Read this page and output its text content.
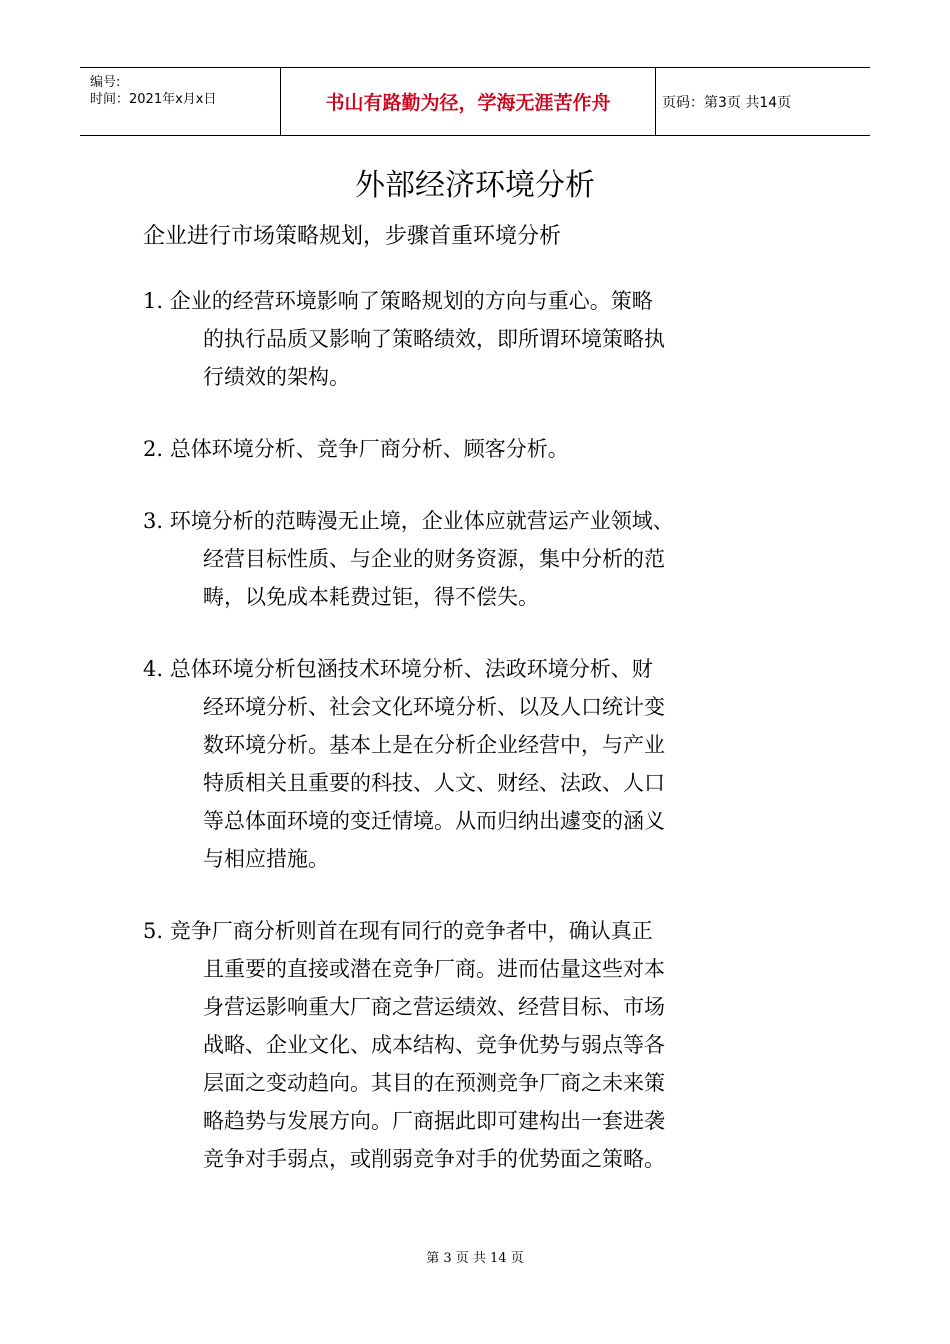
编号:
时间：2021年x月x日	书山有路勤为径，学海无涯苦作舟	页码：第3页 共14页
外部经济环境分析
企业进行市场策略规划，步骤首重环境分析
1. 企业的经营环境影响了策略规划的方向与重心。策略
的执行品质又影响了策略绩效，即所谓环境策略执
行绩效的架构。
2. 总体环境分析、竞争厂商分析、顾客分析。
3. 环境分析的范畴漫无止境，企业体应就营运产业领域、
经营目标性质、与企业的财务资源，集中分析的范
畴，以免成本耗费过钜，得不偿失。
4. 总体环境分析包涵技术环境分析、法政环境分析、财
经环境分析、社会文化环境分析、以及人口统计变
数环境分析。基本上是在分析企业经营中，与产业
特质相关且重要的科技、人文、财经、法政、人口
等总体面环境的变迁情境。从而归纳出遽变的涵义
与相应措施。
5. 竞争厂商分析则首在现有同行的竞争者中，确认真正
且重要的直接或潜在竞争厂商。进而估量这些对本
身营运影响重大厂商之营运绩效、经营目标、市场
战略、企业文化、成本结构、竞争优势与弱点等各
层面之变动趋向。其目的在预测竞争厂商之未来策
略趋势与发展方向。厂商据此即可建构出一套进袭
竞争对手弱点，或削弱竞争对手的优势面之策略。
第 3 页 共 14 页
